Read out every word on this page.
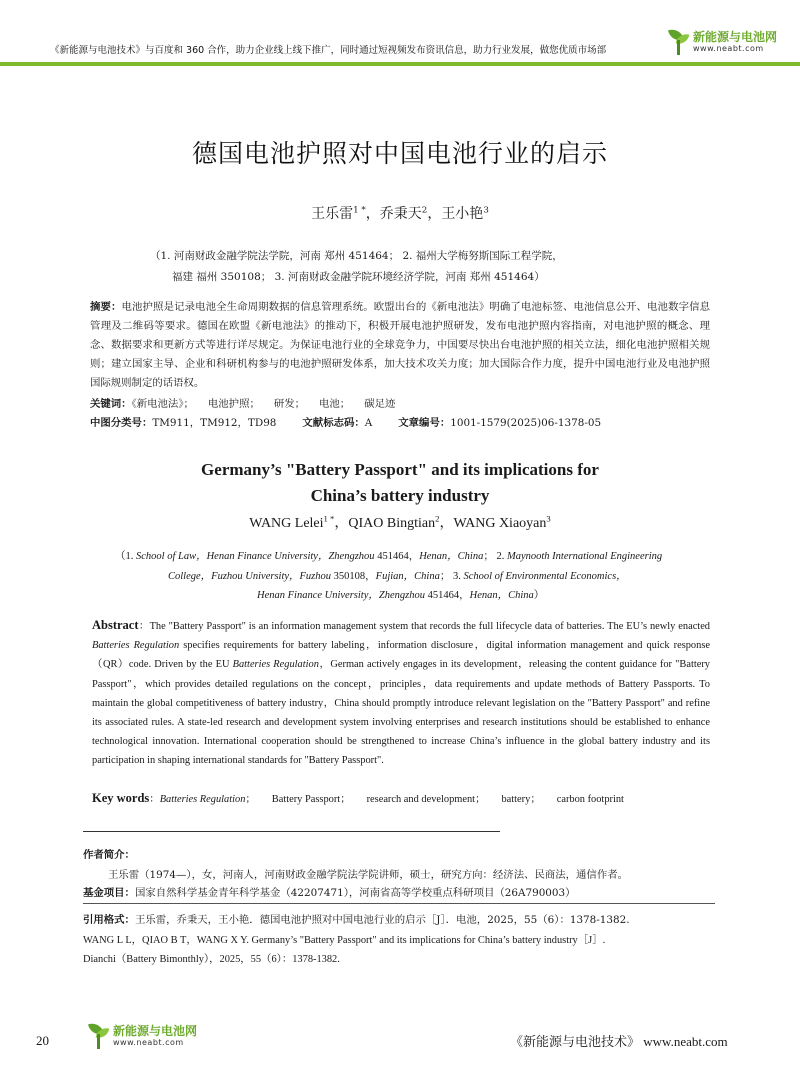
《新能源与电池技术》与百度和 360 合作，助力企业线上线下推广，同时通过短视频发布资讯信息，助力行业发展，做您优质市场部
新能源与电池网
www.neabt.com
德国电池护照对中国电池行业的启示
王乐雷$^{1 *}$，乔秉天$^2$，王小艳$^3$
（1. 河南财政金融学院法学院，河南 郑州 451464； 2. 福州大学梅努斯国际工程学院，
福建 福州 350108； 3. 河南财政金融学院环境经济学院，河南 郑州 451464）
摘要：电池护照是记录电池全生命周期数据的信息管理系统。欧盟出台的《新电池法》明确了电池标签、电池信息公开、电池数字信息管理及二维码等要求。德国在欧盟《新电池法》的推动下，积极开展电池护照研发，发布电池护照内容指南，对电池护照的概念、理念、数据要求和更新方式等进行详尽规定。为保证电池行业的全球竞争力，中国要尽快出台电池护照的相关立法，细化电池护照相关规则；建立国家主导、企业和科研机构参与的电池护照研发体系，加大技术攻关力度；加大国际合作力度，提升中国电池行业及电池护照国际规则制定的话语权。
关键词：《新电池法》； 电池护照； 研发； 电池； 碳足迹
中图分类号：TM911，TM912，TD98	文献标志码：A	文章编号：1001-1579(2025)06-1378-05
Germany’s "Battery Passport" and its implications for
China’s battery industry
WANG Lelei$^{1 *}$，QIAO Bingtian$^2$，WANG Xiaoyan$^3$
（1. School of Law，Henan Finance University，Zhengzhou 451464，Henan，China； 2. Maynooth International Engineering
College，Fuzhou University，Fuzhou 350108，Fujian，China； 3. School of Environmental Economics，
Henan Finance University，Zhengzhou 451464，Henan，China）
Abstract：The "Battery Passport" is an information management system that records the full lifecycle data of batteries. The EU’s newly enacted Batteries Regulation specifies requirements for battery labeling，information disclosure，digital information management and quick response（QR）code. Driven by the EU Batteries Regulation，German actively engages in its development，releasing the content guidance for "Battery Passport"，which provides detailed regulations on the concept，principles，data requirements and update methods of Battery Passports. To maintain the global competitiveness of battery industry，China should promptly introduce relevant legislation on the "Battery Passport" and refine its associated rules. A state-led research and development system involving enterprises and research institutions should be established to enhance technological innovation. International cooperation should be strengthened to increase China’s influence in the global battery industry and its participation in shaping international standards for "Battery Passport".
Key words：Batteries Regulation； Battery Passport； research and development； battery； carbon footprint
作者简介：
王乐雷（1974—），女，河南人，河南财政金融学院法学院讲师，硕士，研究方向：经济法、民商法，通信作者。
基金项目：国家自然科学基金青年科学基金（42207471），河南省高等学校重点科研项目（26A790003）
引用格式：王乐雷，乔秉天，王小艳．德国电池护照对中国电池行业的启示［J］．电池，2025，55（6）：1378-1382.
WANG L L，QIAO B T，WANG X Y. Germany’s "Battery Passport" and its implications for China’s battery industry［J］.
Dianchi（Battery Bimonthly），2025，55（6）：1378-1382.
20
新能源与电池网
www.neabt.com	《新能源与电池技术》 www.neabt.com
